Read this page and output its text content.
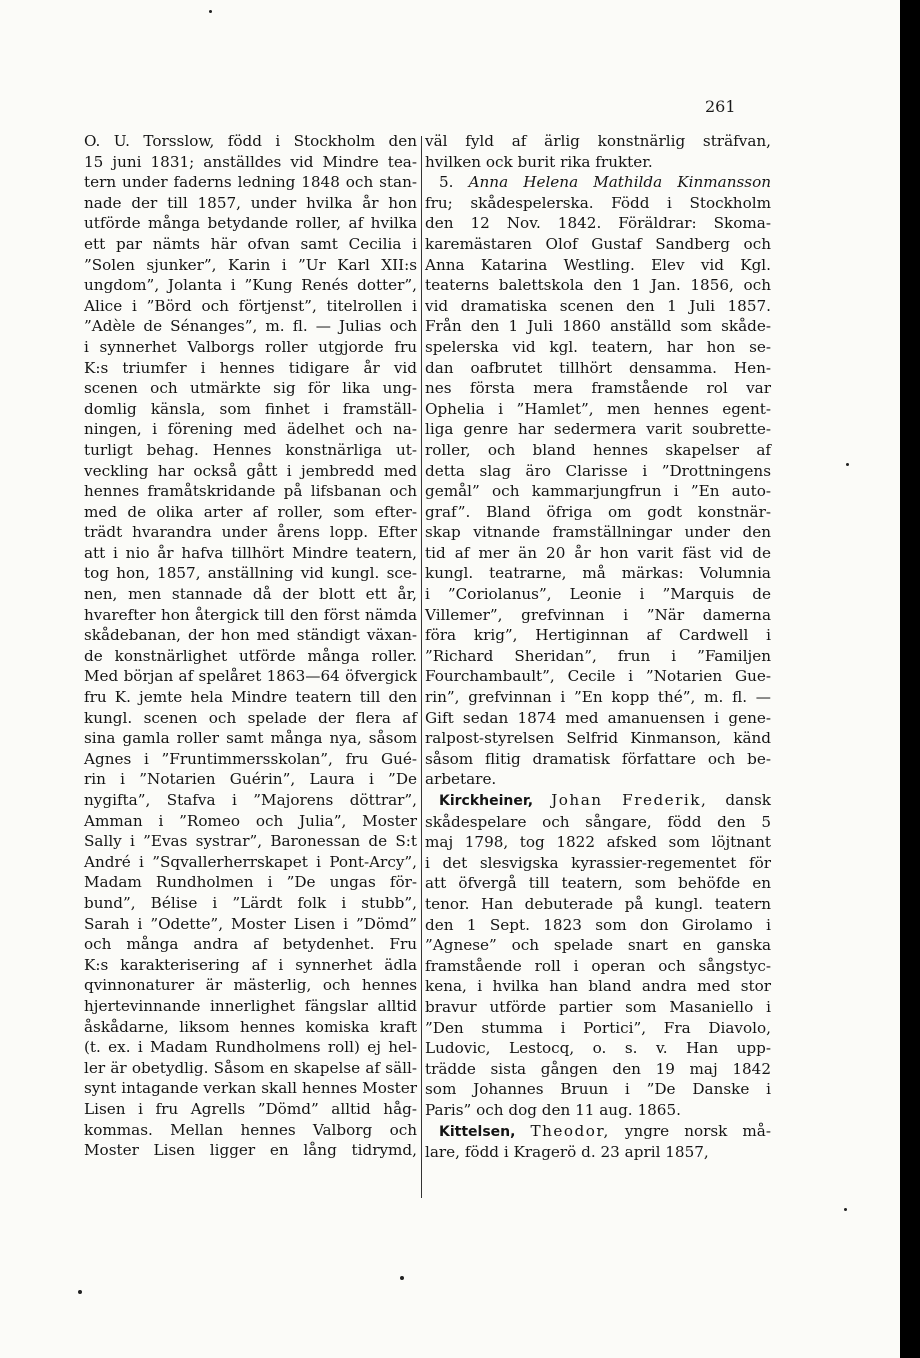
261
O. U. Torsslow, född i Stockholm den
15 juni 1831; anställdes vid Mindre tea-
tern under faderns ledning 1848 och stan-
nade der till 1857, under hvilka år hon
utförde många betydande roller, af hvilka
ett par nämts här ofvan samt Cecilia i
”Solen sjunker”, Karin i ”Ur Karl XII:s
ungdom”, Jolanta i ”Kung Renés dotter”,
Alice i ”Börd och förtjenst”, titelrollen i
”Adèle de Sénanges”, m. fl. — Julias och
i synnerhet Valborgs roller utgjorde fru
K:s triumfer i hennes tidigare år vid
scenen och utmärkte sig för lika ung-
domlig känsla, som finhet i framställ-
ningen, i förening med ädelhet och na-
turligt behag. Hennes konstnärliga ut-
veckling har också gått i jembredd med
hennes framåtskridande på lifsbanan och
med de olika arter af roller, som efter-
trädt hvarandra under årens lopp. Efter
att i nio år hafva tillhört Mindre teatern,
tog hon, 1857, anställning vid kungl. sce-
nen, men stannade då der blott ett år,
hvarefter hon återgick till den först nämda
skådebanan, der hon med ständigt växan-
de konstnärlighet utförde många roller.
Med början af spelåret 1863—64 öfvergick
fru K. jemte hela Mindre teatern till den
kungl. scenen och spelade der flera af
sina gamla roller samt många nya, såsom
Agnes i ”Fruntimmersskolan”, fru Gué-
rin i ”Notarien Guérin”, Laura i ”De
nygifta”, Stafva i ”Majorens döttrar”,
Amman i ”Romeo och Julia”, Moster
Sally i ”Evas systrar”, Baronessan de S:t
André i ”Sqvallerherrskapet i Pont-Arcy”,
Madam Rundholmen i ”De ungas för-
bund”, Bélise i ”Lärdt folk i stubb”,
Sarah i ”Odette”, Moster Lisen i ”Dömd”
och många andra af betydenhet. Fru
K:s karakterisering af i synnerhet ädla
qvinnonaturer är mästerlig, och hennes
hjertevinnande innerlighet fängslar alltid
åskådarne, liksom hennes komiska kraft
(t. ex. i Madam Rundholmens roll) ej hel-
ler är obetydlig. Såsom en skapelse af säll-
synt intagande verkan skall hennes Moster
Lisen i fru Agrells ”Dömd” alltid håg-
kommas. Mellan hennes Valborg och
Moster Lisen ligger en lång tidrymd,
väl fyld af ärlig konstnärlig sträfvan,
hvilken ock burit rika frukter.
5. Anna Helena Mathilda Kinmansson
fru; skådespelerska. Född i Stockholm
den 12 Nov. 1842. Föräldrar: Skoma-
karemästaren Olof Gustaf Sandberg och
Anna Katarina Westling. Elev vid Kgl.
teaterns balettskola den 1 Jan. 1856, och
vid dramatiska scenen den 1 Juli 1857.
Från den 1 Juli 1860 anställd som skåde-
spelerska vid kgl. teatern, har hon se-
dan oafbrutet tillhört densamma. Hen-
nes första mera framstående rol var
Ophelia i ”Hamlet”, men hennes egent-
liga genre har sedermera varit soubrette-
roller, och bland hennes skapelser af
detta slag äro Clarisse i ”Drottningens
gemål” och kammarjungfrun i ”En auto-
graf”. Bland öfriga om godt konstnär-
skap vitnande framställningar under den
tid af mer än 20 år hon varit fäst vid de
kungl. teatrarne, må märkas: Volumnia
i ”Coriolanus”, Leonie i ”Marquis de
Villemer”, grefvinnan i ”När damerna
föra krig”, Hertiginnan af Cardwell i
”Richard Sheridan”, frun i ”Familjen
Fourchambault”, Cecile i ”Notarien Gue-
rin”, grefvinnan i ”En kopp thé”, m. fl. —
Gift sedan 1874 med amanuensen i gene-
ralpost-styrelsen Selfrid Kinmanson, känd
såsom flitig dramatisk författare och be-
arbetare.
Kirckheiner, Johan Frederik, dansk
skådespelare och sångare, född den 5
maj 1798, tog 1822 afsked som löjtnant
i det slesvigska kyrassier-regementet för
att öfvergå till teatern, som behöfde en
tenor. Han debuterade på kungl. teatern
den 1 Sept. 1823 som don Girolamo i
”Agnese” och spelade snart en ganska
framstående roll i operan och sångstyc-
kena, i hvilka han bland andra med stor
bravur utförde partier som Masaniello i
”Den stumma i Portici”, Fra Diavolo,
Ludovic, Lestocq, o. s. v. Han upp-
trädde sista gången den 19 maj 1842
som Johannes Bruun i ”De Danske i
Paris” och dog den 11 aug. 1865.
Kittelsen, Theodor, yngre norsk må-
lare, född i Kragerö d. 23 april 1857,
